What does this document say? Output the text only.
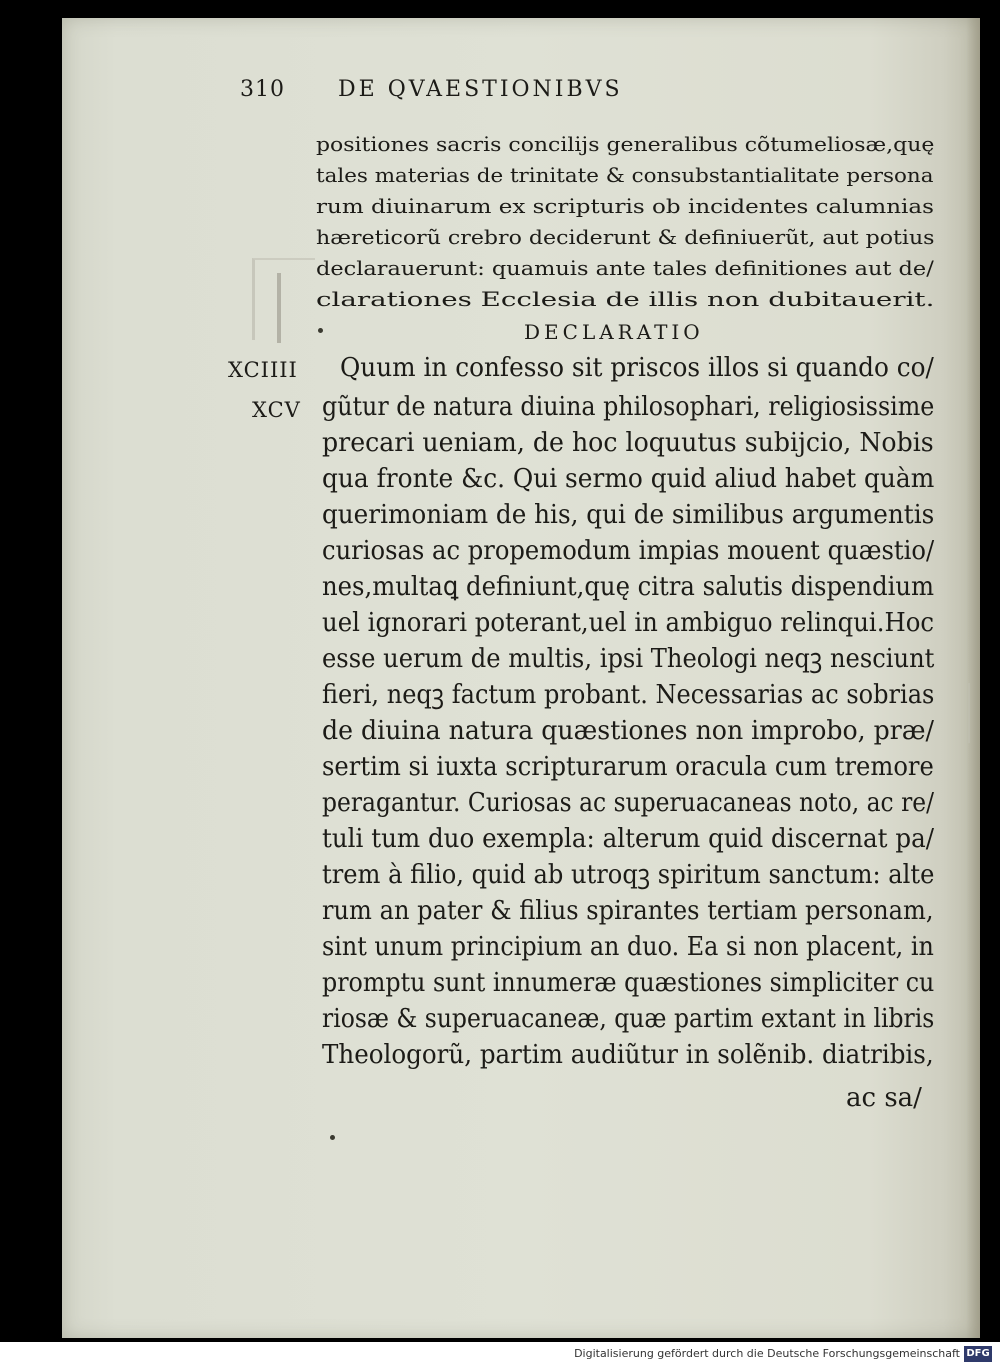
310 DE QVAESTIONIBVS
positiones sacris concilijs generalibus cõtumeliosæ,quę
tales materias de trinitate & consubstantialitate persona
rum diuinarum ex scripturis ob incidentes calumnias
hæreticorũ crebro deciderunt & definiuerũt, aut potius
declarauerunt: quamuis ante tales definitiones aut de/
clarationes Ecclesia de illis non dubitauerit.
DECLARATIO
XCIIII
XCV
Quum in confesso sit priscos illos si quando co/
gũtur de natura diuina philosophari, religiosissime
precari ueniam, de hoc loquutus subijcio, Nobis
qua fronte &c. Qui sermo quid aliud habet quàm
querimoniam de his, qui de similibus argumentis
curiosas ac propemodum impias mouent quæstio/
nes,multaꝗ definiunt,quę citra salutis dispendium
uel ignorari poterant,uel in ambiguo relinqui.Hoc
esse uerum de multis, ipsi Theologi neqꝫ nesciunt
fieri, neqꝫ factum probant. Necessarias ac sobrias
de diuina natura quæstiones non improbo, præ/
sertim si iuxta scripturarum oracula cum tremore
peragantur. Curiosas ac superuacaneas noto, ac re/
tuli tum duo exempla: alterum quid discernat pa/
trem à filio, quid ab utroqꝫ spiritum sanctum: alte
rum an pater & filius spirantes tertiam personam,
sint unum principium an duo. Ea si non placent, in
promptu sunt innumeræ quæstiones simpliciter cu
riosæ & superuacaneæ, quæ partim extant in libris
Theologorũ, partim audiũtur in solẽnib. diatribis,
ac sa/
Digitalisierung gefördert durch die Deutsche Forschungsgemeinschaft DFG
